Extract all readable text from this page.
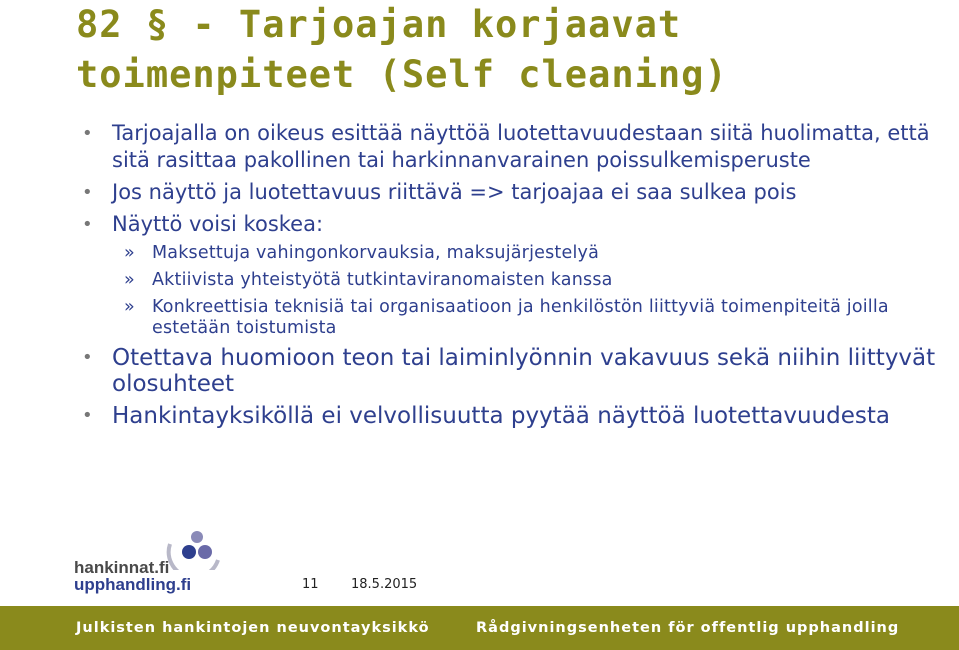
82 § - Tarjoajan korjaavat
toimenpiteet (Self cleaning)
• Tarjoajalla on oikeus esittää näyttöä luotettavuudestaan siitä huolimatta, että sitä rasittaa pakollinen tai harkinnanvarainen poissulkemisperuste
• Jos näyttö ja luotettavuus riittävä => tarjoajaa ei saa sulkea pois
• Näyttö voisi koskea:
» Maksettuja vahingonkorvauksia, maksujärjestelyä
» Aktiivista yhteistyötä tutkintaviranomaisten kanssa
» Konkreettisia teknisiä tai organisaatioon ja henkilöstön liittyviä toimenpiteitä joilla estetään toistumista
• Otettava huomioon teon tai laiminlyönnin vakavuus sekä niihin liittyvät olosuhteet
• Hankintayksiköllä ei velvollisuutta pyytää näyttöä luotettavuudesta
hankinnat.fi
upphandling.fi	11 18.5.2015
Julkisten hankintojen neuvontayksikkö	Rådgivningsenheten för offentlig upphandling
